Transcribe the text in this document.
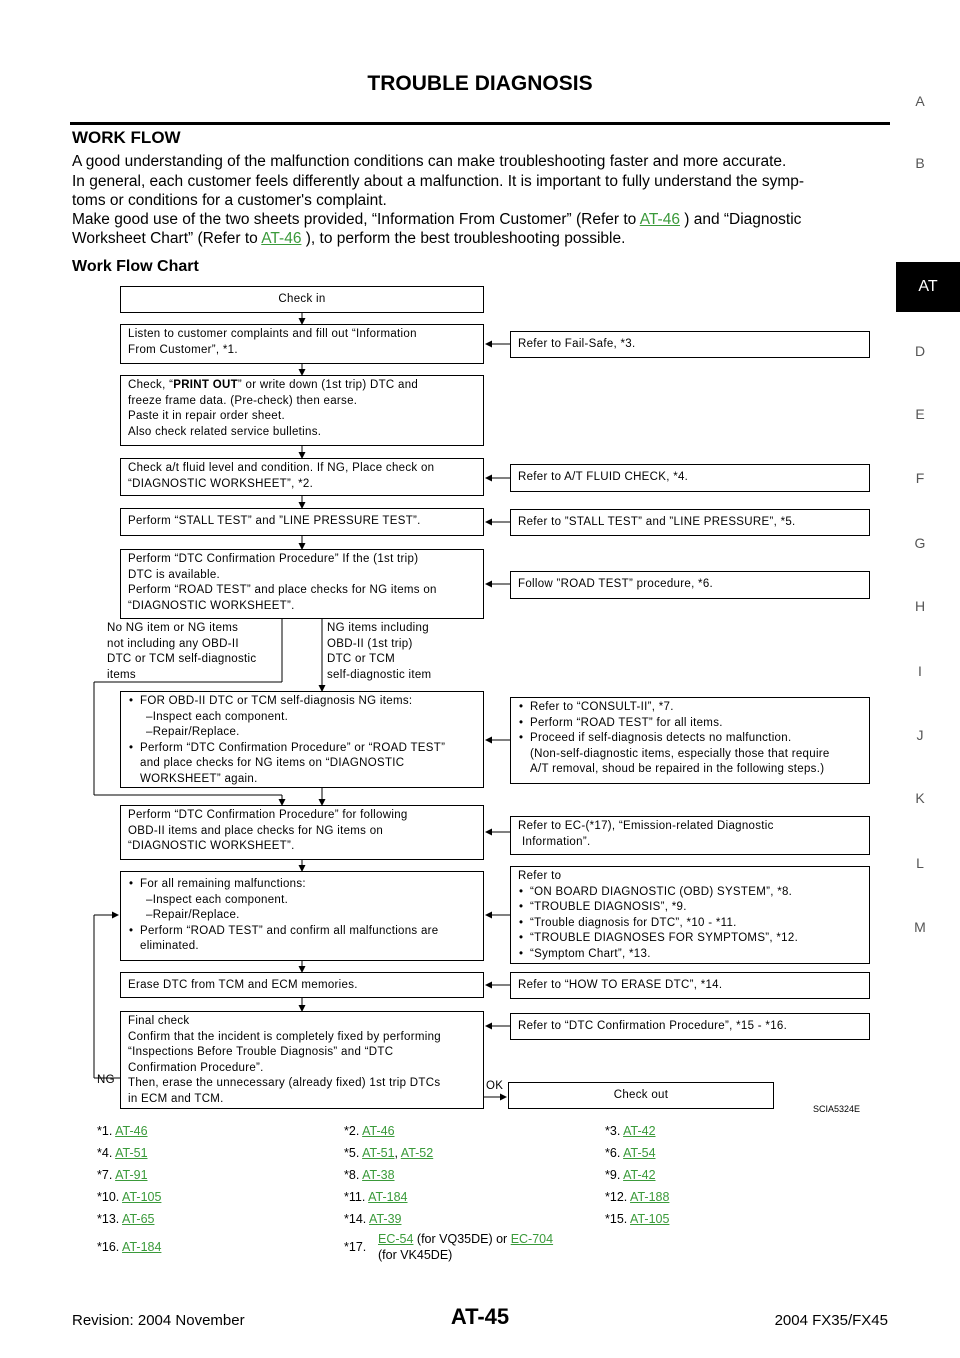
TROUBLE DIAGNOSIS
WORK FLOW
A good understanding of the malfunction conditions can make troubleshooting faster and more accurate.
In general, each customer feels differently about a malfunction. It is important to fully understand the symp-
toms or conditions for a customer's complaint.
Make good use of the two sheets provided, “Information From Customer” (Refer to AT-46 ) and “Diagnostic
Worksheet Chart” (Refer to AT-46 ), to perform the best troubleshooting possible.
Work Flow Chart
A
B
AT
D
E
F
G
H
I
J
K
L
M
Check in
Listen to customer complaints and fill out “Information
From Customer”, *1.
Check, “PRINT OUT” or write down (1st trip) DTC and
freeze frame data. (Pre-check) then earse.
Paste it in repair order sheet.
Also check related service bulletins.
Check a/t fluid level and condition. If NG, Place check on
“DIAGNOSTIC WORKSHEET”, *2.
Perform “STALL TEST” and ”LINE PRESSURE TEST”.
Perform “DTC Confirmation Procedure” If the (1st trip)
DTC is available.
Perform “ROAD TEST” and place checks for NG items on
“DIAGNOSTIC WORKSHEET”.
No NG item or NG items
not including any OBD-II
DTC or TCM self-diagnostic
items
NG items including
OBD-II (1st trip)
DTC or TCM
self-diagnostic item
• FOR OBD-II DTC or TCM self-diagnosis NG items:
–Inspect each component.
–Repair/Replace.
• Perform “DTC Confirmation Procedure” or “ROAD TEST”
and place checks for NG items on “DIAGNOSTIC
WORKSHEET” again.
Perform “DTC Confirmation Procedure” for following
OBD-II items and place checks for NG items on
“DIAGNOSTIC WORKSHEET”.
• For all remaining malfunctions:
–Inspect each component.
–Repair/Replace.
• Perform “ROAD TEST” and confirm all malfunctions are
eliminated.
Erase DTC from TCM and ECM memories.
Final check
Confirm that the incident is completely fixed by performing
“Inspections Before Trouble Diagnosis” and “DTC
Confirmation Procedure”.
Then, erase the unnecessary (already fixed) 1st trip DTCs
in ECM and TCM.
NG	OK
Check out
Refer to Fail-Safe, *3.
Refer to A/T FLUID CHECK, *4.
Refer to ”STALL TEST” and ”LINE PRESSURE”, *5.
Follow ”ROAD TEST” procedure, *6.
• Refer to “CONSULT-II”, *7.
• Perform “ROAD TEST” for all items.
• Proceed if self-diagnosis detects no malfunction.
(Non-self-diagnostic items, especially those that require
A/T removal, shoud be repaired in the following steps.)
Refer to EC-(*17), “Emission-related Diagnostic
Information”.
Refer to
• “ON BOARD DIAGNOSTIC (OBD) SYSTEM”, *8.
• “TROUBLE DIAGNOSIS”, *9.
• “Trouble diagnosis for DTC”, *10 - *11.
• “TROUBLE DIAGNOSES FOR SYMPTOMS”, *12.
• “Symptom Chart”, *13.
Refer to “HOW TO ERASE DTC”, *14.
Refer to “DTC Confirmation Procedure”, *15 - *16.
SCIA5324E
*1. AT-46	*2. AT-46	*3. AT-42
*4. AT-51	*5. AT-51, AT-52	*6. AT-54
*7. AT-91	*8. AT-38	*9. AT-42
*10. AT-105	*11. AT-184	*12. AT-188
*13. AT-65	*14. AT-39	*15. AT-105
*16. AT-184	*17.
EC-54 (for VQ35DE) or EC-704
(for VK45DE)
Revision: 2004 November	AT-45	2004 FX35/FX45
